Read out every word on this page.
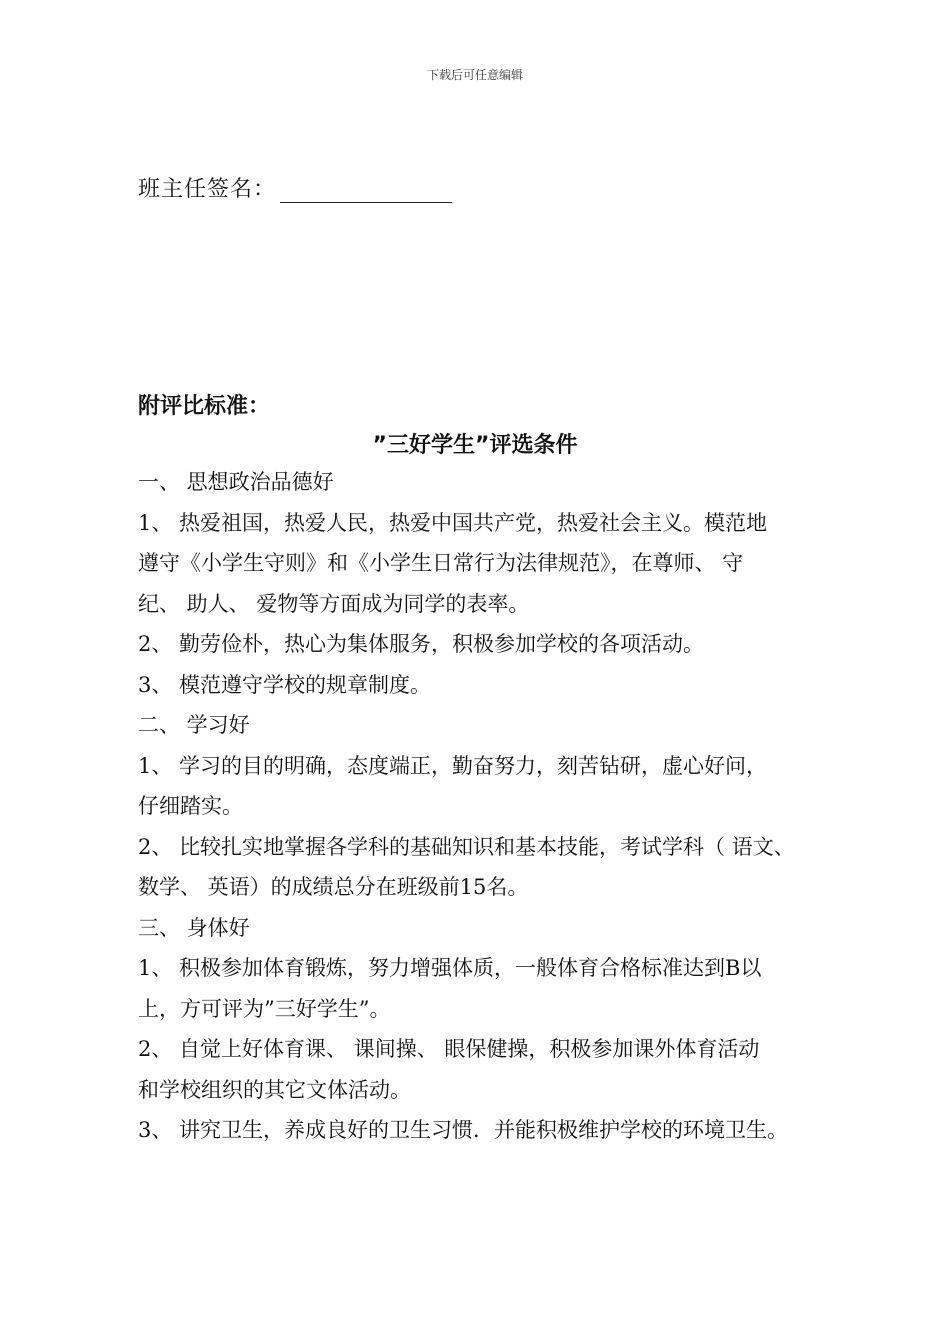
下载后可任意编辑
班主任签名：
附评比标准：
”三好学生”评选条件
一、 思想政治品德好
1、 热爱祖国，热爱人民，热爱中国共产党，热爱社会主义。模范地
遵守《小学生守则》和《小学生日常行为法律规范》，在尊师、 守
纪、 助人、 爱物等方面成为同学的表率。
2、 勤劳俭朴，热心为集体服务，积极参加学校的各项活动。
3、 模范遵守学校的规章制度。
二、 学习好
1、 学习的目的明确，态度端正，勤奋努力，刻苦钻研，虚心好问，
仔细踏实。
2、 比较扎实地掌握各学科的基础知识和基本技能，考试学科（ 语文、
数学、 英语）的成绩总分在班级前15名。
三、 身体好
1、 积极参加体育锻炼，努力增强体质，一般体育合格标准达到B以
上，方可评为”三好学生”。
2、 自觉上好体育课、 课间操、 眼保健操，积极参加课外体育活动
和学校组织的其它文体活动。
3、 讲究卫生，养成良好的卫生习惯．并能积极维护学校的环境卫生。
